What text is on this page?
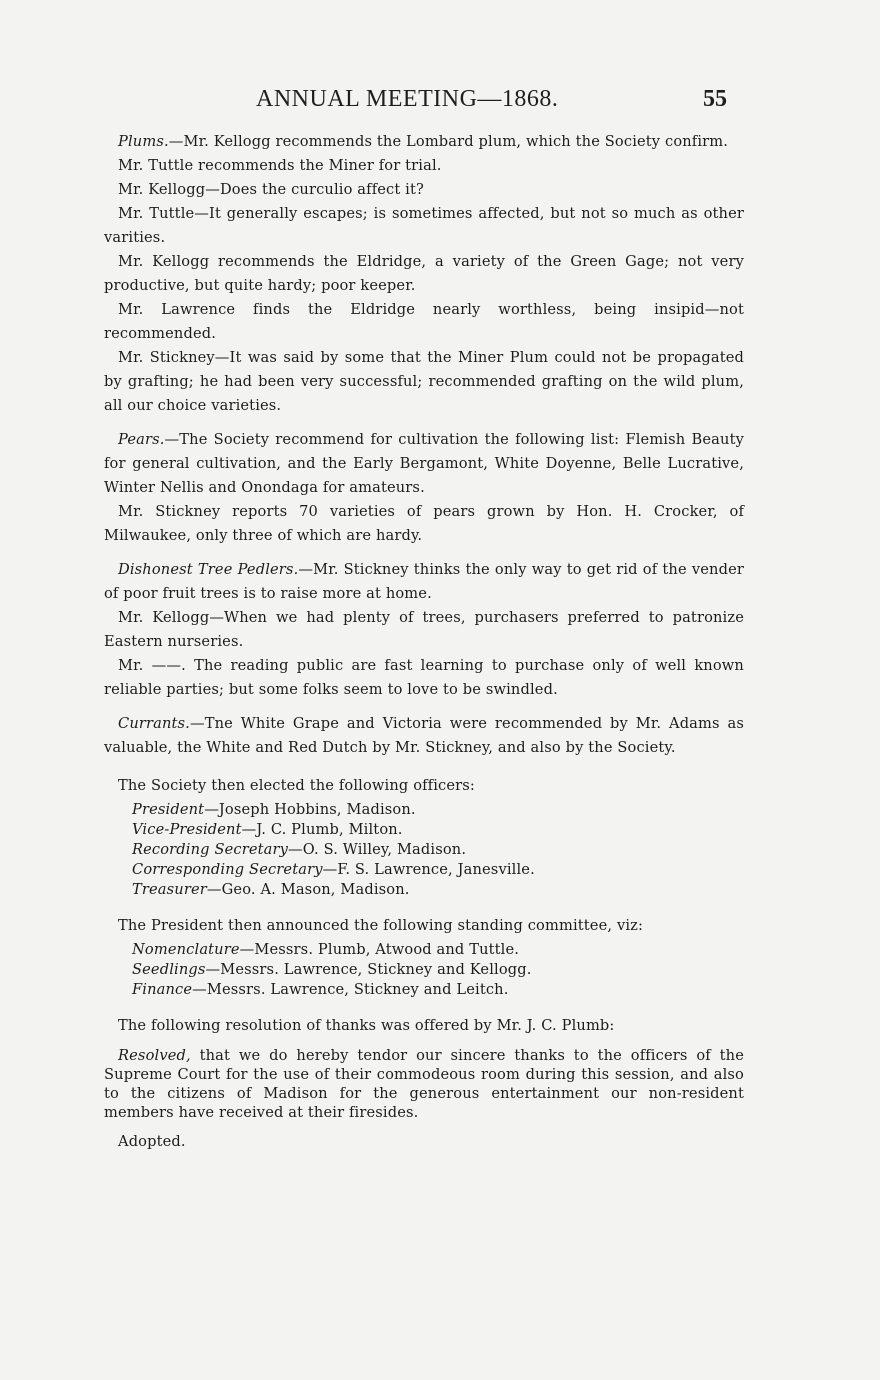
ANNUAL MEETING—1868.	55

Plums.—Mr. Kellogg recommends the Lombard plum, which the Society confirm.

Mr. Tuttle recommends the Miner for trial.

Mr. Kellogg—Does the curculio affect it?

Mr. Tuttle—It generally escapes; is sometimes affected, but not so much as other varities.

Mr. Kellogg recommends the Eldridge, a variety of the Green Gage; not very productive, but quite hardy; poor keeper.

Mr. Lawrence finds the Eldridge nearly worthless, being insipid—not recommended.

Mr. Stickney—It was said by some that the Miner Plum could not be propagated by grafting; he had been very successful; recommended grafting on the wild plum, all our choice varieties.

Pears.—The Society recommend for cultivation the following list: Flemish Beauty for general cultivation, and the Early Bergamont, White Doyenne, Belle Lucrative, Winter Nellis and Onondaga for amateurs.

Mr. Stickney reports 70 varieties of pears grown by Hon. H. Crocker, of Milwaukee, only three of which are hardy.

Dishonest Tree Pedlers.—Mr. Stickney thinks the only way to get rid of the vender of poor fruit trees is to raise more at home.

Mr. Kellogg—When we had plenty of trees, purchasers preferred to patronize Eastern nurseries.

Mr. ——. The reading public are fast learning to purchase only of well known reliable parties; but some folks seem to love to be swindled.

Currants.—Tne White Grape and Victoria were recommended by Mr. Adams as valuable, the White and Red Dutch by Mr. Stickney, and also by the Society.

The Society then elected the following officers:

President—Joseph Hobbins, Madison.
Vice-President—J. C. Plumb, Milton.
Recording Secretary—O. S. Willey, Madison.
Corresponding Secretary—F. S. Lawrence, Janesville.
Treasurer—Geo. A. Mason, Madison.

The President then announced the following standing committee, viz:

Nomenclature—Messrs. Plumb, Atwood and Tuttle.
Seedlings—Messrs. Lawrence, Stickney and Kellogg.
Finance—Messrs. Lawrence, Stickney and Leitch.

The following resolution of thanks was offered by Mr. J. C. Plumb:

Resolved, that we do hereby tendor our sincere thanks to the officers of the Supreme Court for the use of their commodeous room during this session, and also to the citizens of Madison for the generous entertainment our non-resident members have received at their firesides.

Adopted.
